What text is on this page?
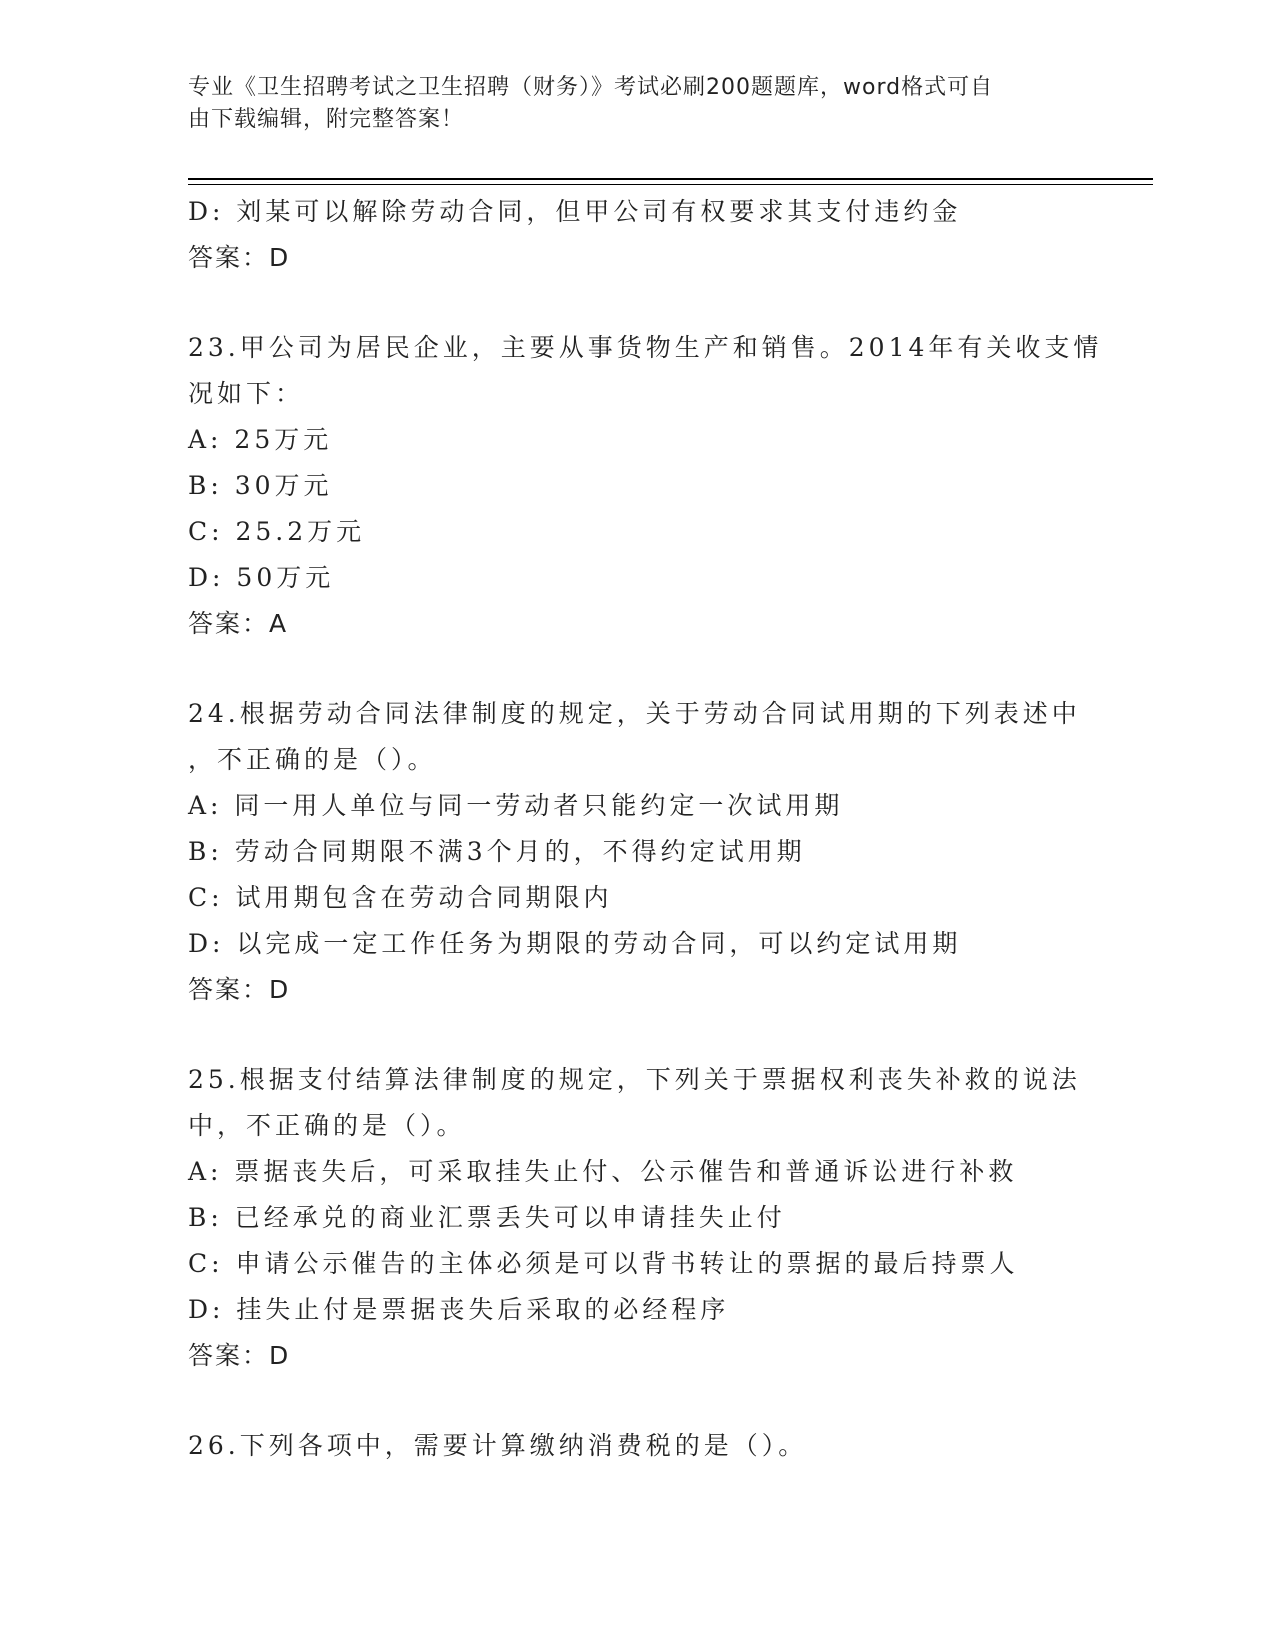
专业《卫生招聘考试之卫生招聘（财务）》考试必刷200题题库，word格式可自
由下载编辑，附完整答案！
D: 刘某可以解除劳动合同，但甲公司有权要求其支付违约金
答案：D
23.甲公司为居民企业，主要从事货物生产和销售。2014年有关收支情
况如下：
A: 25万元
B: 30万元
C: 25.2万元
D: 50万元
答案：A
24.根据劳动合同法律制度的规定，关于劳动合同试用期的下列表述中
，不正确的是（）。
A: 同一用人单位与同一劳动者只能约定一次试用期
B: 劳动合同期限不满3个月的，不得约定试用期
C: 试用期包含在劳动合同期限内
D: 以完成一定工作任务为期限的劳动合同，可以约定试用期
答案：D
25.根据支付结算法律制度的规定，下列关于票据权利丧失补救的说法
中，不正确的是（）。
A: 票据丧失后，可采取挂失止付、公示催告和普通诉讼进行补救
B: 已经承兑的商业汇票丢失可以申请挂失止付
C: 申请公示催告的主体必须是可以背书转让的票据的最后持票人
D: 挂失止付是票据丧失后采取的必经程序
答案：D
26.下列各项中，需要计算缴纳消费税的是（）。
